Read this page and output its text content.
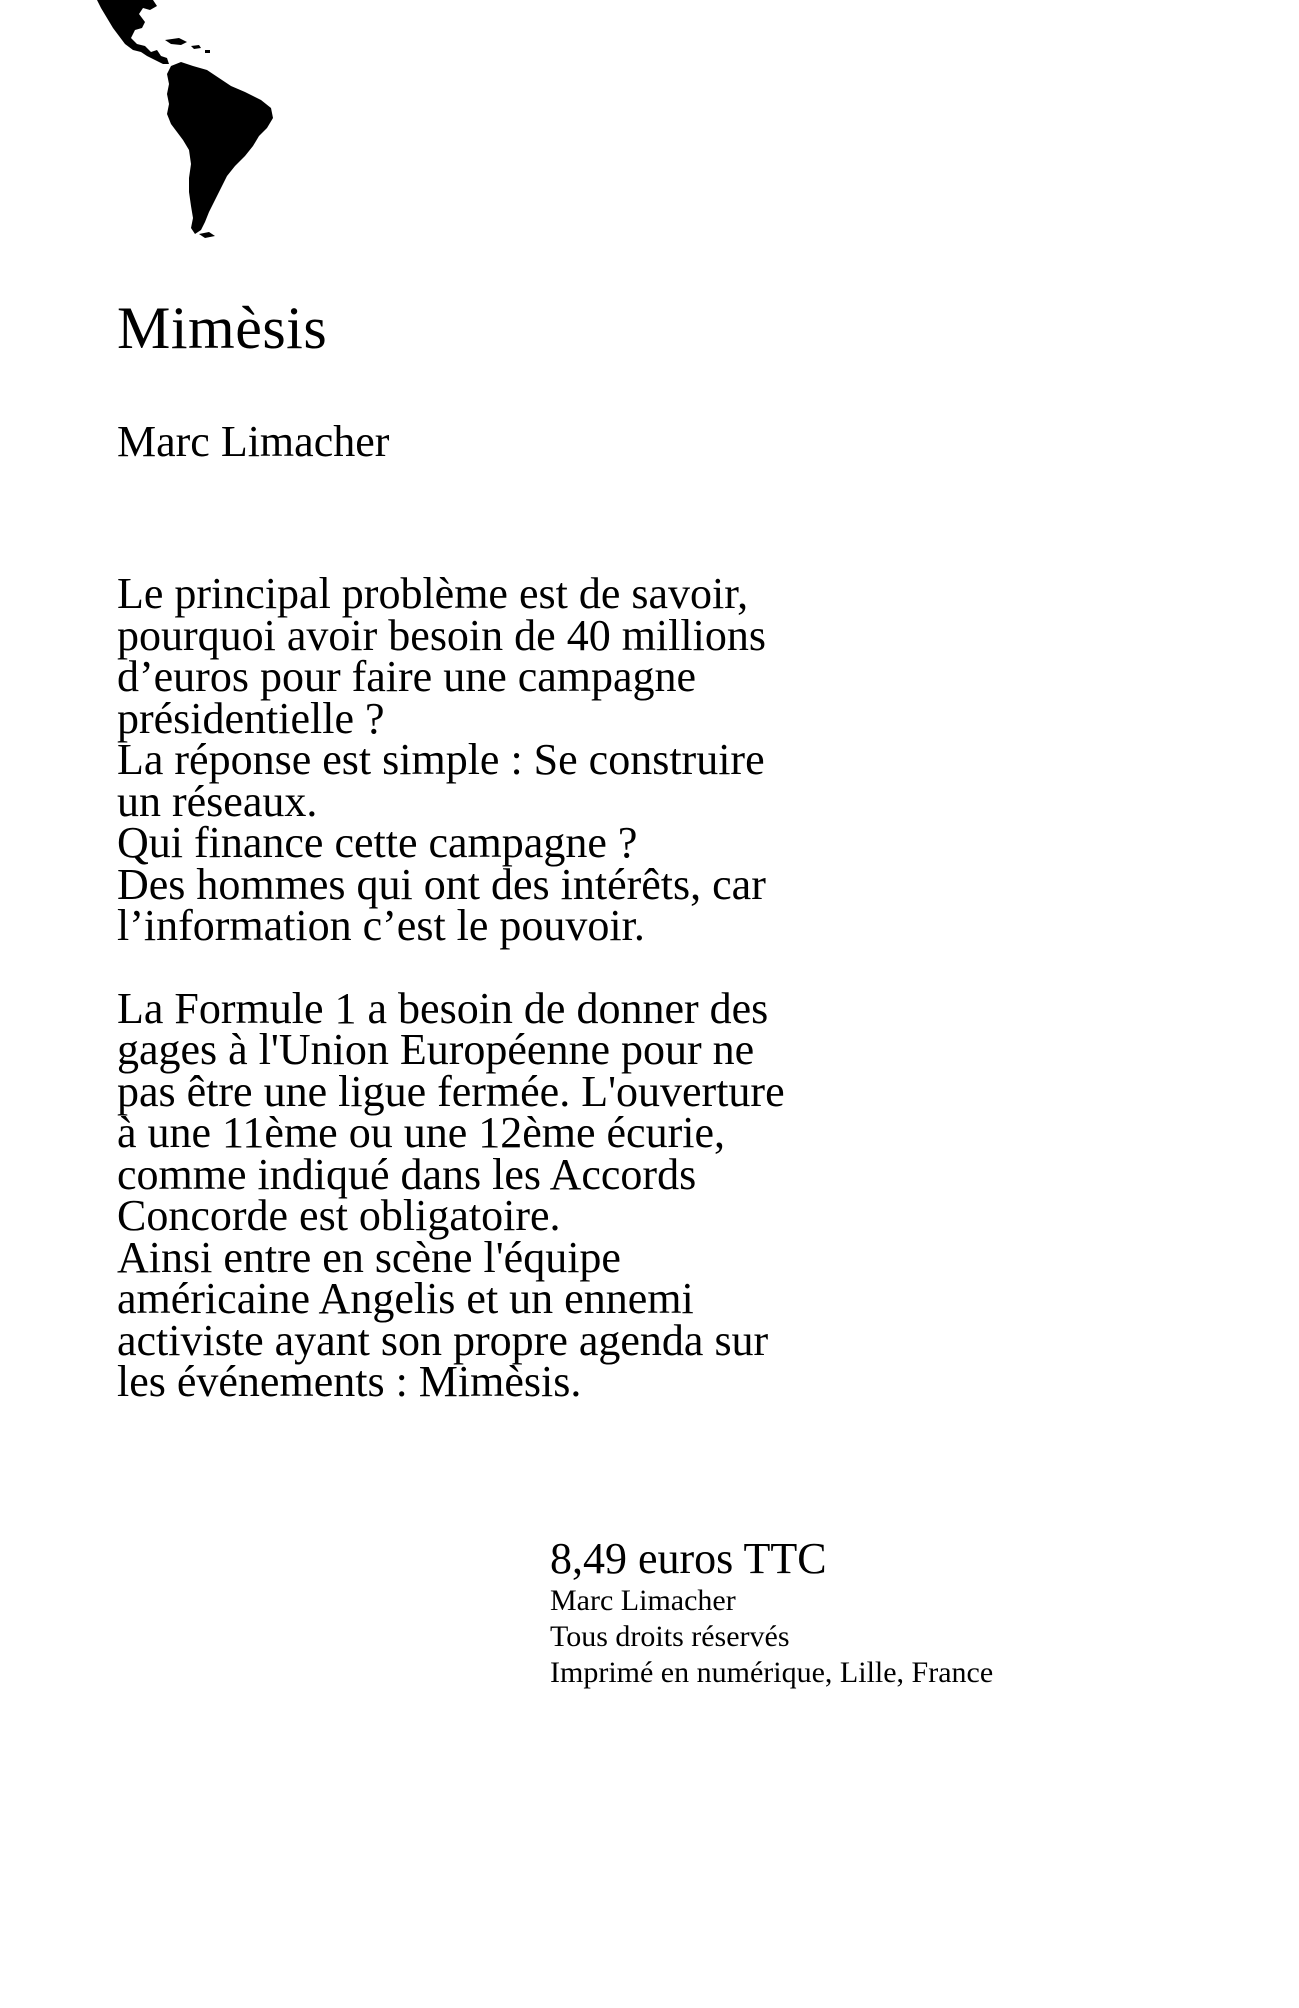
Mimèsis

Marc Limacher

Le principal problème est de savoir,
pourquoi avoir besoin de 40 millions
d’euros pour faire une campagne
présidentielle ?
La réponse est simple : Se construire
un réseaux.
Qui finance cette campagne ?
Des hommes qui ont des intérêts, car
l’information c’est le pouvoir.
La Formule 1 a besoin de donner des
gages à l'Union Européenne pour ne
pas être une ligue fermée. L'ouverture
à une 11ème ou une 12ème écurie,
comme indiqué dans les Accords
Concorde est obligatoire.
Ainsi entre en scène l'équipe
américaine Angelis et un ennemi
activiste ayant son propre agenda sur
les événements : Mimèsis.
8,49 euros TTC
Marc Limacher
Tous droits réservés
Imprimé en numérique, Lille, France
